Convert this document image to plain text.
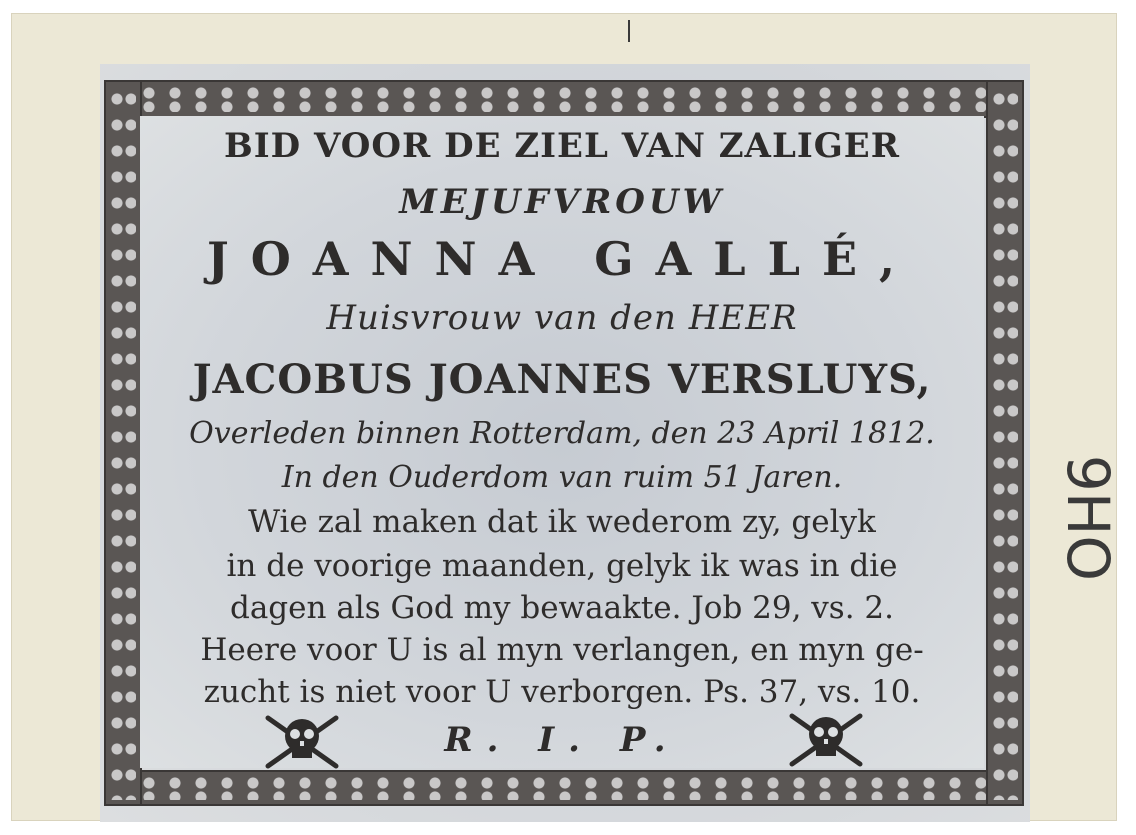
BID VOOR DE ZIEL VAN ZALIGER
MEJUFVROUW
JOANNA GALLÉ,
Huisvrouw van den HEER
JACOBUS JOANNES VERSLUYS,
Overleden binnen Rotterdam, den 23 April 1812.
In den Ouderdom van ruim 51 Jaren.
Wie zal maken dat ik wederom zy, gelyk
in de voorige maanden, gelyk ik was in die
dagen als God my bewaakte. Job 29, vs. 2.
Heere voor U is al myn verlangen, en myn ge-
zucht is niet voor U verborgen. Ps. 37, vs. 10.
R. I. P.
9HO
